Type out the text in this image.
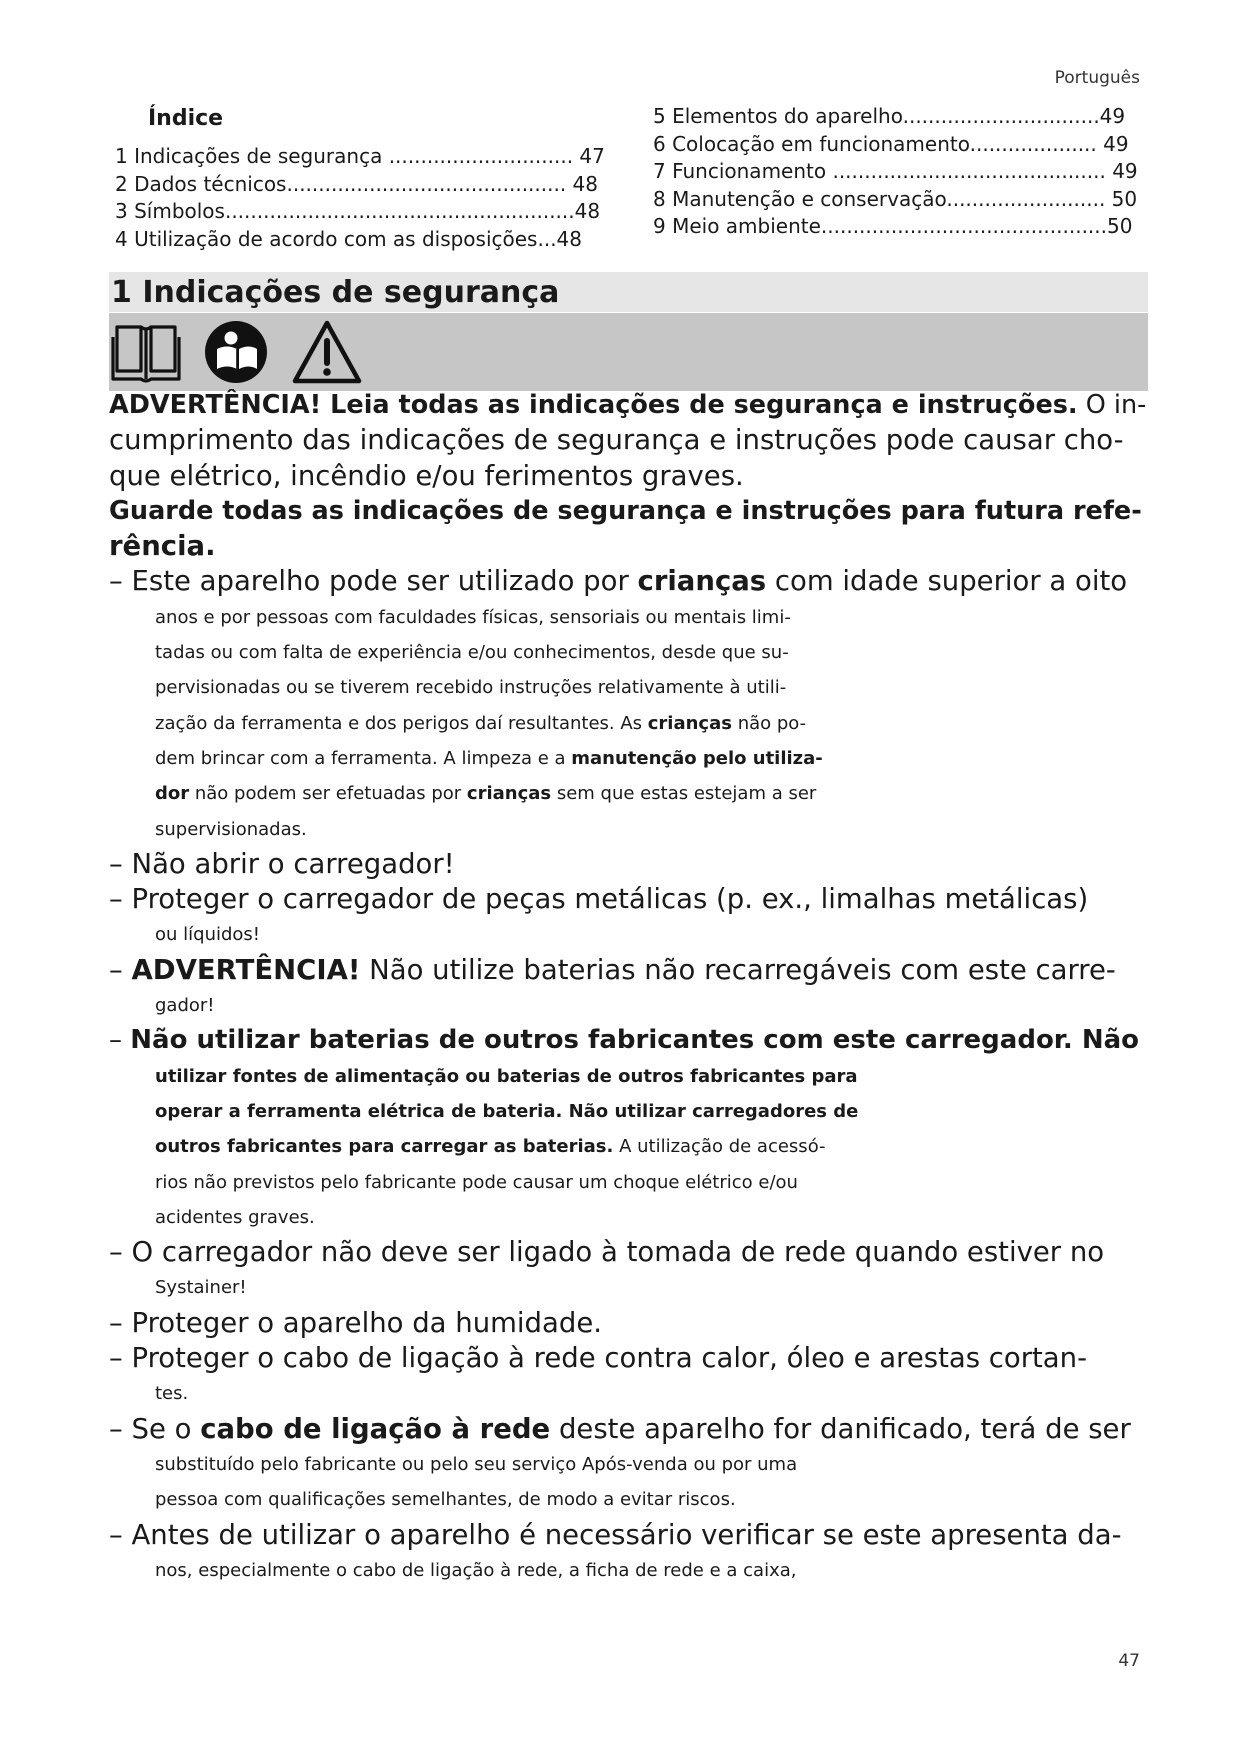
Português
Índice
1 Indicações de segurança ............................. 47
2 Dados técnicos............................................ 48
3 Símbolos.......................................................48
4 Utilização de acordo com as disposições...48
5 Elementos do aparelho...............................49
6 Colocação em funcionamento.................... 49
7 Funcionamento ........................................... 49
8 Manutenção e conservação......................... 50
9 Meio ambiente.............................................50
1 Indicações de segurança
ADVERTÊNCIA! Leia todas as indicações de segurança e instruções. O in-
cumprimento das indicações de segurança e instruções pode causar cho-
que elétrico, incêndio e/ou ferimentos graves.
Guarde todas as indicações de segurança e instruções para futura refe-
rência.
– Este aparelho pode ser utilizado por crianças com idade superior a oito
anos e por pessoas com faculdades físicas, sensoriais ou mentais limi-
tadas ou com falta de experiência e/ou conhecimentos, desde que su-
pervisionadas ou se tiverem recebido instruções relativamente à utili-
zação da ferramenta e dos perigos daí resultantes. As crianças não po-
dem brincar com a ferramenta. A limpeza e a manutenção pelo utiliza-
dor não podem ser efetuadas por crianças sem que estas estejam a ser
supervisionadas.
– Não abrir o carregador!
– Proteger o carregador de peças metálicas (p. ex., limalhas metálicas)
ou líquidos!
– ADVERTÊNCIA! Não utilize baterias não recarregáveis com este carre-
gador!
– Não utilizar baterias de outros fabricantes com este carregador. Não
utilizar fontes de alimentação ou baterias de outros fabricantes para
operar a ferramenta elétrica de bateria. Não utilizar carregadores de
outros fabricantes para carregar as baterias. A utilização de acessó-
rios não previstos pelo fabricante pode causar um choque elétrico e/ou
acidentes graves.
– O carregador não deve ser ligado à tomada de rede quando estiver no
Systainer!
– Proteger o aparelho da humidade.
– Proteger o cabo de ligação à rede contra calor, óleo e arestas cortan-
tes.
– Se o cabo de ligação à rede deste aparelho for danificado, terá de ser
substituído pelo fabricante ou pelo seu serviço Após-venda ou por uma
pessoa com qualificações semelhantes, de modo a evitar riscos.
– Antes de utilizar o aparelho é necessário verificar se este apresenta da-
nos, especialmente o cabo de ligação à rede, a ficha de rede e a caixa,
47
